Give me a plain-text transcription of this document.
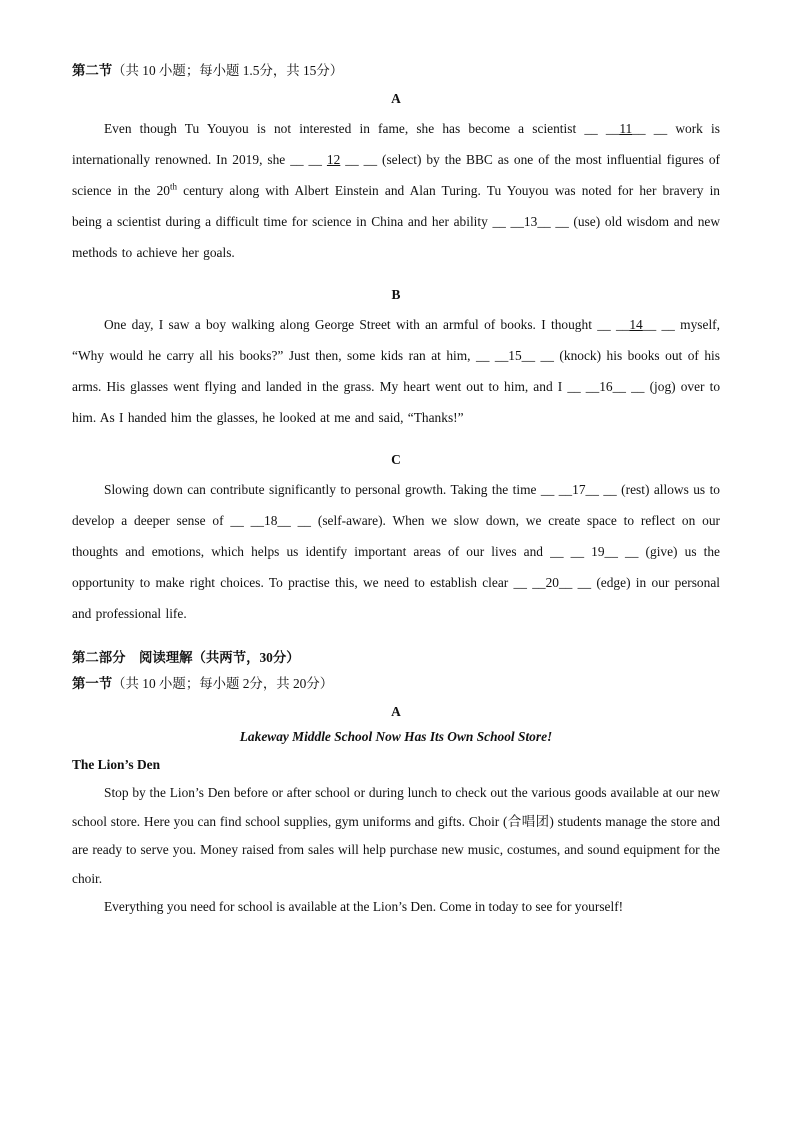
第二节（共 10 小题；每小题 1.5分，共 15分）

A

Even though Tu Youyou is not interested in fame, she has become a scientist __ __11__ __ work is internationally renowned. In 2019, she __ __ 12 __ __ (select) by the BBC as one of the most influential figures of science in the 20th century along with Albert Einstein and Alan Turing. Tu Youyou was noted for her bravery in being a scientist during a difficult time for science in China and her ability __ __13__ __ (use) old wisdom and new methods to achieve her goals.

B

One day, I saw a boy walking along George Street with an armful of books. I thought __ __14__ __ myself, “Why would he carry all his books?” Just then, some kids ran at him, __ __15__ __ (knock) his books out of his arms. His glasses went flying and landed in the grass. My heart went out to him, and I __ __16__ __ (jog) over to him. As I handed him the glasses, he looked at me and said, “Thanks!”

C

Slowing down can contribute significantly to personal growth. Taking the time __ __17__ __ (rest) allows us to develop a deeper sense of __ __18__ __ (self-aware). When we slow down, we create space to reflect on our thoughts and emotions, which helps us identify important areas of our lives and __ __ 19__ __ (give) us the opportunity to make right choices. To practise this, we need to establish clear __ __20__ __ (edge) in our personal and professional life.

第二部分　阅读理解（共两节，30分）

第一节（共 10 小题；每小题 2分，共 20分）

A

Lakeway Middle School Now Has Its Own School Store!

The Lion’s Den

Stop by the Lion’s Den before or after school or during lunch to check out the various goods available at our new school store. Here you can find school supplies, gym uniforms and gifts. Choir (合唱团) students manage the store and are ready to serve you. Money raised from sales will help purchase new music, costumes, and sound equipment for the choir.

Everything you need for school is available at the Lion’s Den. Come in today to see for yourself!
